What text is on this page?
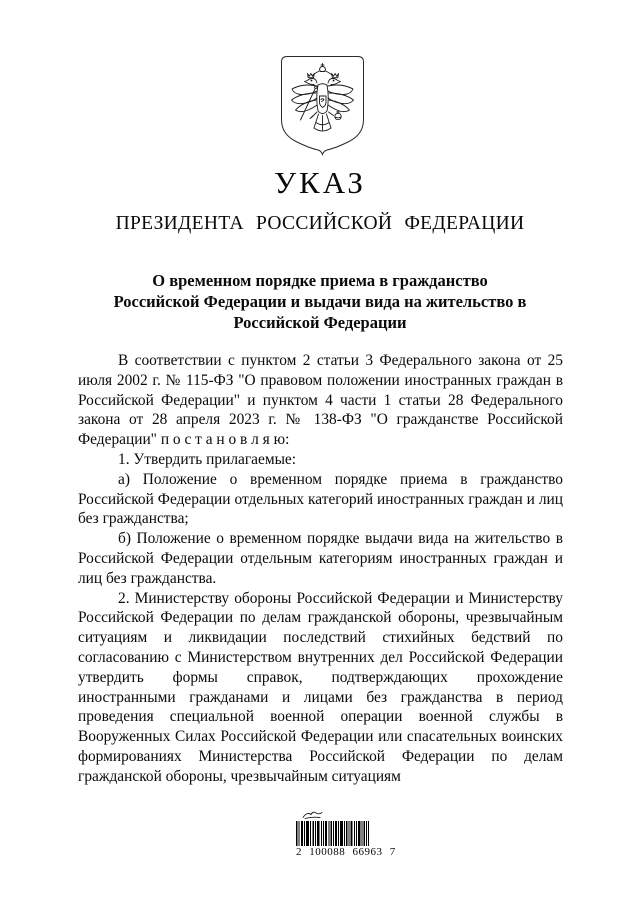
УКАЗ
ПРЕЗИДЕНТА РОССИЙСКОЙ ФЕДЕРАЦИИ
О временном порядке приема в гражданство
Российской Федерации и выдачи вида на жительство в
Российской Федерации

В соответствии с пунктом 2 статьи 3 Федерального закона от 25 июля 2002 г. № 115-ФЗ "О правовом положении иностранных граждан в Российской Федерации" и пунктом 4 части 1 статьи 28 Федерального закона от 28 апреля 2023 г. № 138-ФЗ "О гражданстве Российской Федерации" п о с т а н о в л я ю:

1. Утвердить прилагаемые:

а) Положение о временном порядке приема в гражданство Российской Федерации отдельных категорий иностранных граждан и лиц без гражданства;

б) Положение о временном порядке выдачи вида на жительство в Российской Федерации отдельным категориям иностранных граждан и лиц без гражданства.

2. Министерству обороны Российской Федерации и Министерству Российской Федерации по делам гражданской обороны, чрезвычайным ситуациям и ликвидации последствий стихийных бедствий по согласованию с Министерством внутренних дел Российской Федерации утвердить формы справок, подтверждающих прохождение иностранными гражданами и лицами без гражданства в период проведения специальной военной операции военной службы в Вооруженных Силах Российской Федерации или спасательных воинских формированиях Министерства Российской Федерации по делам гражданской обороны, чрезвычайным ситуациям

2 100088 66963 7
